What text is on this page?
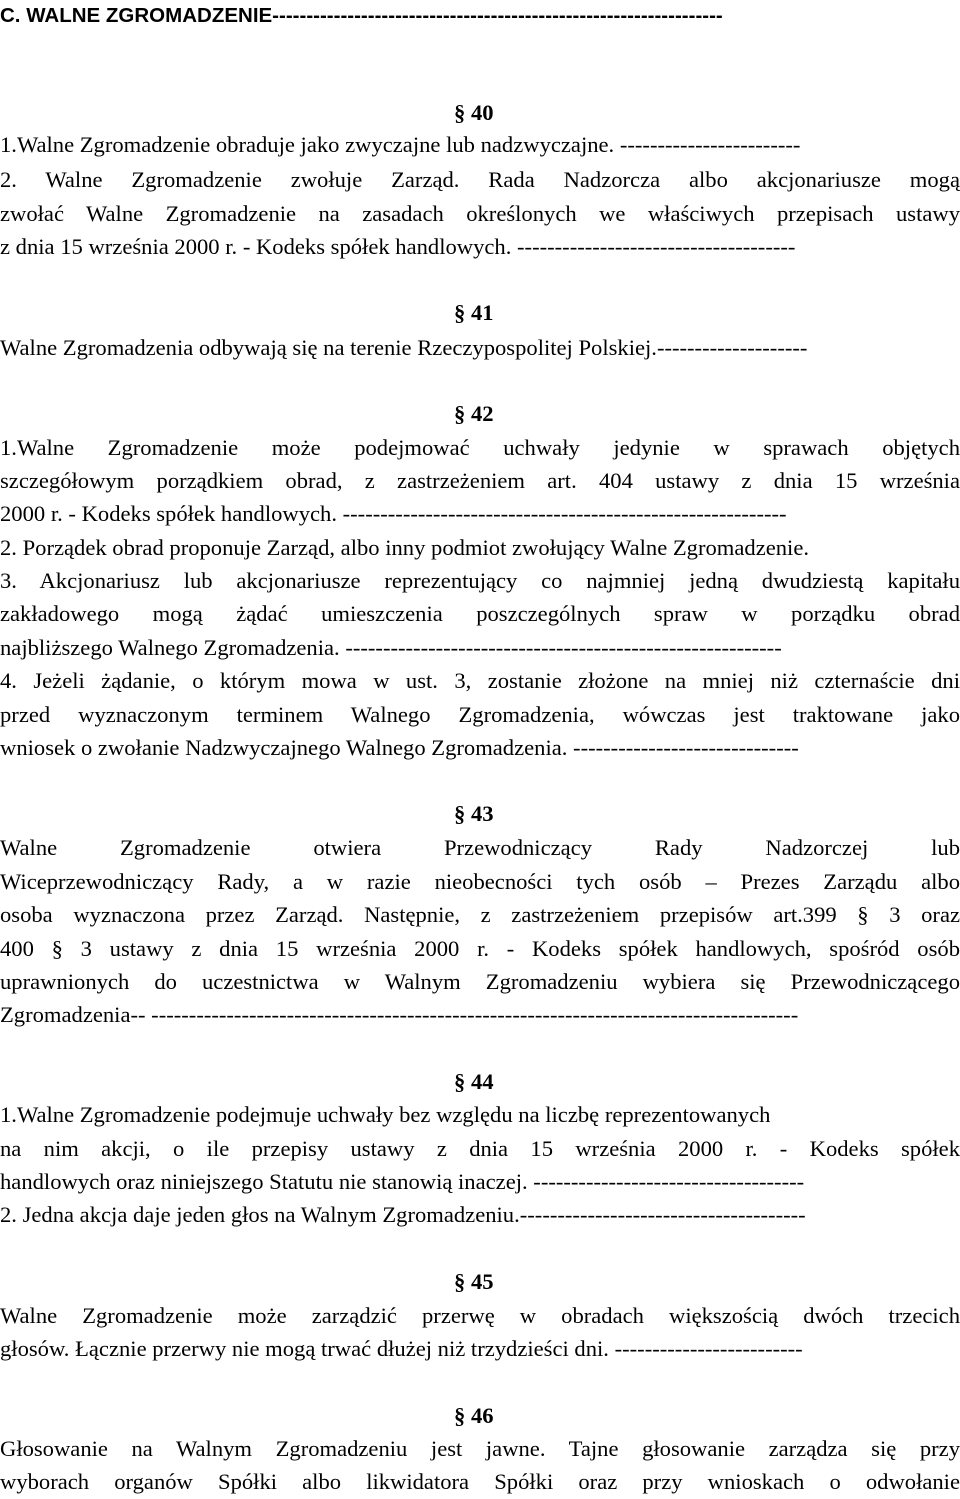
C. WALNE ZGROMADZENIE------------------------------------------------------------------
§ 40
1.Walne Zgromadzenie obraduje jako zwyczajne lub nadzwyczajne. ------------------------
2. Walne Zgromadzenie zwołuje Zarząd. Rada Nadzorcza albo akcjonariusze mogą
zwołać Walne Zgromadzenie na zasadach określonych we właściwych przepisach ustawy
z dnia 15 września 2000 r. - Kodeks spółek handlowych. -------------------------------------
§ 41
Walne Zgromadzenia odbywają się na terenie Rzeczypospolitej Polskiej.--------------------
§ 42
1.Walne Zgromadzenie może podejmować uchwały jedynie w sprawach objętych
szczegółowym porządkiem obrad, z zastrzeżeniem art. 404 ustawy z dnia 15 września
2000 r. - Kodeks spółek handlowych. -----------------------------------------------------------
2. Porządek obrad proponuje Zarząd, albo inny podmiot zwołujący Walne Zgromadzenie.
3. Akcjonariusz lub akcjonariusze reprezentujący co najmniej jedną dwudziestą kapitału
zakładowego mogą żądać umieszczenia poszczególnych spraw w porządku obrad
najbliższego Walnego Zgromadzenia. ----------------------------------------------------------
4. Jeżeli żądanie, o którym mowa w ust. 3, zostanie złożone na mniej niż czternaście dni
przed wyznaczonym terminem Walnego Zgromadzenia, wówczas jest traktowane jako
wniosek o zwołanie Nadzwyczajnego Walnego Zgromadzenia. ------------------------------
§ 43
Walne Zgromadzenie otwiera Przewodniczący Rady Nadzorczej lub
Wiceprzewodniczący Rady, a w razie nieobecności tych osób – Prezes Zarządu albo
osoba wyznaczona przez Zarząd. Następnie, z zastrzeżeniem przepisów art.399 § 3 oraz
400 § 3 ustawy z dnia 15 września 2000 r. - Kodeks spółek handlowych, spośród osób
uprawnionych do uczestnictwa w Walnym Zgromadzeniu wybiera się Przewodniczącego
Zgromadzenia-- --------------------------------------------------------------------------------------
§ 44
1.Walne Zgromadzenie podejmuje uchwały bez względu na liczbę reprezentowanych
na nim akcji, o ile przepisy ustawy z dnia 15 września 2000 r. - Kodeks spółek
handlowych oraz niniejszego Statutu nie stanowią inaczej. ------------------------------------
2. Jedna akcja daje jeden głos na Walnym Zgromadzeniu.--------------------------------------
§ 45
Walne Zgromadzenie może zarządzić przerwę w obradach większością dwóch trzecich
głosów. Łącznie przerwy nie mogą trwać dłużej niż trzydzieści dni. -------------------------
§ 46
Głosowanie na Walnym Zgromadzeniu jest jawne. Tajne głosowanie zarządza się przy
wyborach organów Spółki albo likwidatora Spółki oraz przy wnioskach o odwołanie
